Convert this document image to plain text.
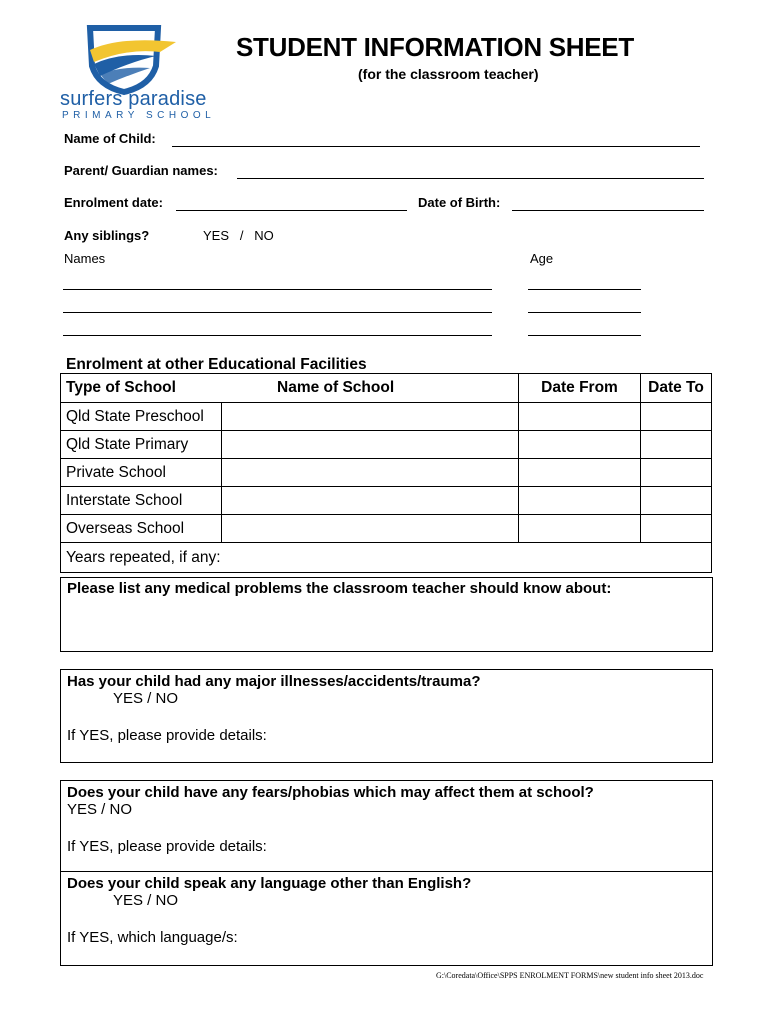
surfers paradise
PRIMARY SCHOOL
STUDENT INFORMATION SHEET
(for the classroom teacher)
Name of Child:
Parent/ Guardian names:
Enrolment date:	Date of Birth:
Any siblings?	YES   /   NO
Names	Age
Enrolment at other Educational Facilities
Type of School	Name of School	Date From	Date To
Qld State Preschool			
Qld State Primary			
Private School			
Interstate School			
Overseas School			
Years repeated, if any:			
Please list any medical problems the classroom teacher should know about:
Has your child had any major illnesses/accidents/trauma?
YES / NO
If YES, please provide details:
Does your child have any fears/phobias which may affect them at school?
YES / NO
If YES, please provide details:
Does your child speak any language other than English?
YES / NO
If YES, which language/s:
G:\Coredata\Office\SPPS ENROLMENT FORMS\new student info sheet 2013.doc
